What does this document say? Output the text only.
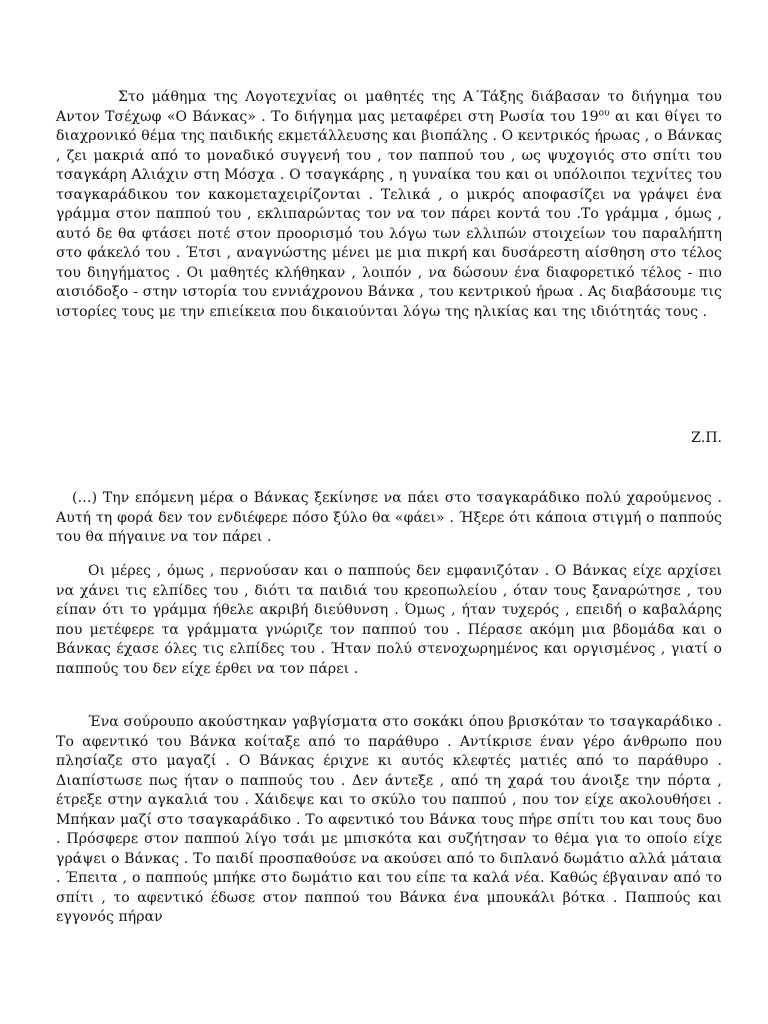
Στο μάθημα της Λογοτεχνίας οι μαθητές της Α΄Τάξης διάβασαν το διήγημα του Αντον Τσέχωφ «Ο Βάνκας» . Το διήγημα μας μεταφέρει στη Ρωσία του $19^{o\upsilon}$ αι και θίγει το διαχρονικό θέμα της παιδικής εκμετάλλευσης και βιοπάλης . Ο κεντρικός ήρωας , ο Βάνκας , ζει μακριά από το μοναδικό συγγενή του , τον παππού του , ως ψυχογιός στο σπίτι του τσαγκάρη Αλιάχιν στη Μόσχα . Ο τσαγκάρης , η γυναίκα του και οι υπόλοιποι τεχνίτες του τσαγκαράδικου τον κακομεταχειρίζονται . Τελικά , ο μικρός αποφασίζει να γράψει ένα γράμμα στον παππού του , εκλιπαρώντας τον να τον πάρει κοντά του .Το γράμμα , όμως , αυτό δε θα φτάσει ποτέ στον προορισμό του λόγω των ελλιπών στοιχείων του παραλήπτη στο φάκελό του . Έτσι , αναγνώστης μένει με μια πικρή και δυσάρεστη αίσθηση στο τέλος του διηγήματος . Οι μαθητές κλήθηκαν , λοιπόν , να δώσουν ένα διαφορετικό τέλος - πιο αισιόδοξο - στην ιστορία του εννιάχρονου Βάνκα , του κεντρικού ήρωα . Ας διαβάσουμε τις ιστορίες τους με την επιείκεια που δικαιούνται λόγω της ηλικίας και της ιδιότητάς τους .

Ζ.Π.

(…) Την επόμενη μέρα ο Βάνκας ξεκίνησε να πάει στο τσαγκαράδικο πολύ χαρούμενος . Αυτή τη φορά δεν τον ενδιέφερε πόσο ξύλο θα «φάει» . Ήξερε ότι κάποια στιγμή ο παππούς του θα πήγαινε να τον πάρει .

Οι μέρες , όμως , περνούσαν και ο παππούς δεν εμφανιζόταν . Ο Βάνκας είχε αρχίσει να χάνει τις ελπίδες του , διότι τα παιδιά του κρεοπωλείου , όταν τους ξαναρώτησε , του είπαν ότι το γράμμα ήθελε ακριβή διεύθυνση . Όμως , ήταν τυχερός , επειδή ο καβαλάρης που μετέφερε τα γράμματα γνώριζε τον παππού του . Πέρασε ακόμη μια βδομάδα και ο Βάνκας έχασε όλες τις ελπίδες του . Ήταν πολύ στενοχωρημένος και οργισμένος , γιατί ο παππούς του δεν είχε έρθει να τον πάρει .

Ένα σούρουπο ακούστηκαν γαβγίσματα στο σοκάκι όπου βρισκόταν το τσαγκαράδικο . Το αφεντικό του Βάνκα κοίταξε από το παράθυρο . Αντίκρισε έναν γέρο άνθρωπο που πλησίαζε στο μαγαζί . Ο Βάνκας έριχνε κι αυτός κλεφτές ματιές από το παράθυρο . Διαπίστωσε πως ήταν ο παππούς του . Δεν άντεξε , από τη χαρά του άνοιξε την πόρτα , έτρεξε στην αγκαλιά του . Χάιδεψε και το σκύλο του παππού , που τον είχε ακολουθήσει . Μπήκαν μαζί στο τσαγκαράδικο . Το αφεντικό του Βάνκα τους πήρε σπίτι του και τους δυο . Πρόσφερε στον παππού λίγο τσάι με μπισκότα και συζήτησαν το θέμα για το οποίο είχε γράψει ο Βάνκας . Το παιδί προσπαθούσε να ακούσει από το διπλανό δωμάτιο αλλά μάταια . Έπειτα , ο παππούς μπήκε στο δωμάτιο και του είπε τα καλά νέα. Καθώς έβγαιναν από το σπίτι , το αφεντικό έδωσε στον παππού του Βάνκα ένα μπουκάλι βότκα . Παππούς και εγγονός πήραν
